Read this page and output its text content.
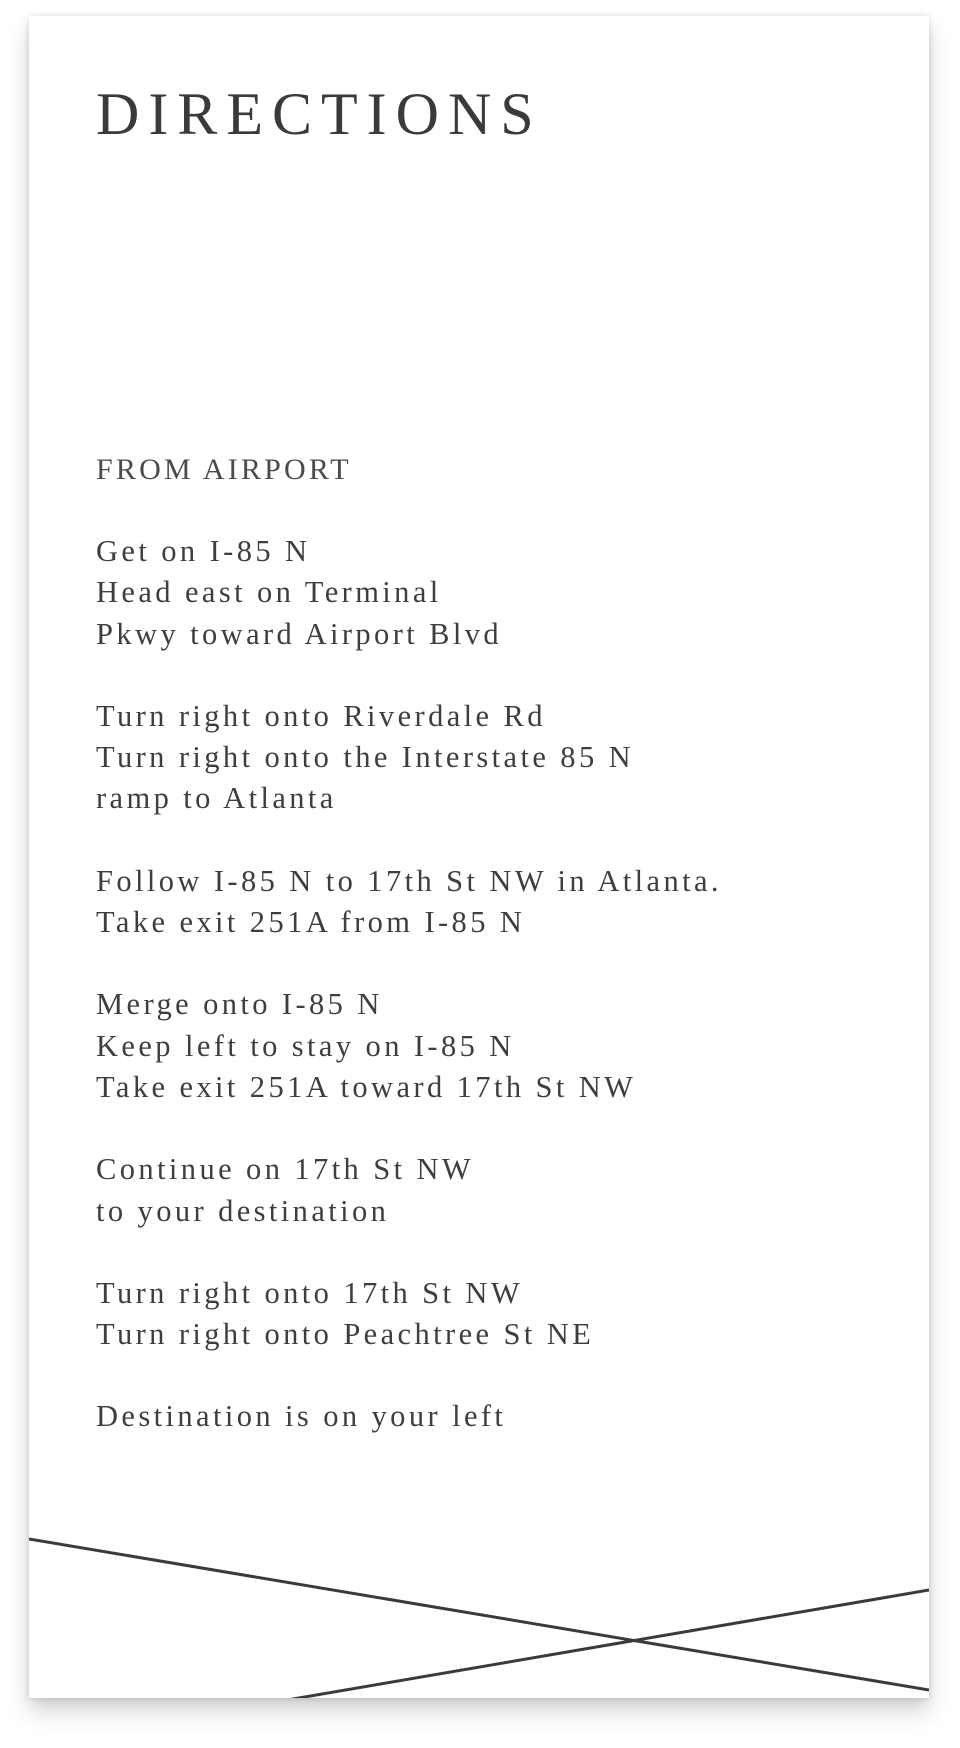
DIRECTIONS
FROM AIRPORT
Get on I-85 N
Head east on Terminal
Pkwy toward Airport Blvd
Turn right onto Riverdale Rd
Turn right onto the Interstate 85 N
ramp to Atlanta
Follow I-85 N to 17th St NW in Atlanta.
Take exit 251A from I-85 N
Merge onto I-85 N
Keep left to stay on I-85 N
Take exit 251A toward 17th St NW
Continue on 17th St NW
to your destination
Turn right onto 17th St NW
Turn right onto Peachtree St NE
Destination is on your left
